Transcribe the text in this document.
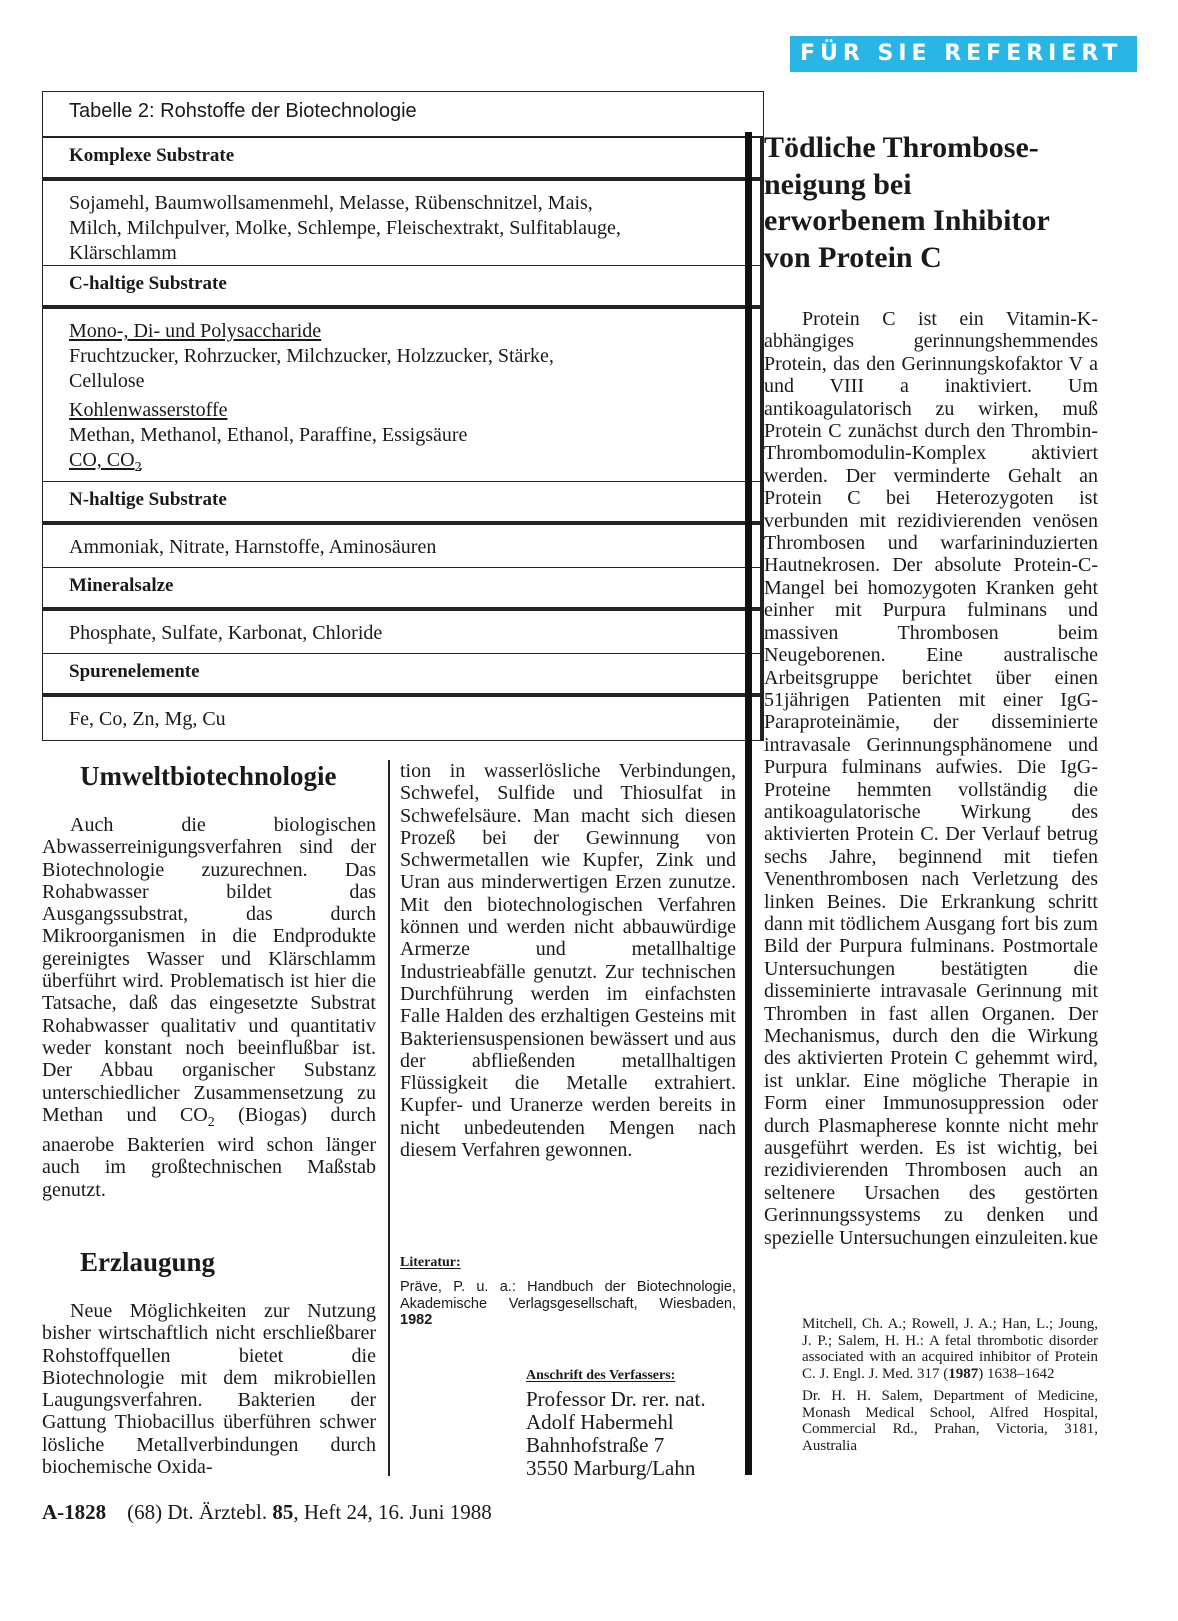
FÜR SIE REFERIERT
Tabelle 2: Rohstoffe der Biotechnologie
Komplexe Substrate
Sojamehl, Baumwollsamenmehl, Melasse, Rübenschnitzel, Mais,
Milch, Milchpulver, Molke, Schlempe, Fleischextrakt, Sulfitablauge,
Klärschlamm
C-haltige Substrate
Mono-, Di- und Polysaccharide
Fruchtzucker, Rohrzucker, Milchzucker, Holzzucker, Stärke,
Cellulose
Kohlenwasserstoffe
Methan, Methanol, Ethanol, Paraffine, Essigsäure
CO, $CO_2$
N-haltige Substrate
Ammoniak, Nitrate, Harnstoffe, Aminosäuren
Mineralsalze
Phosphate, Sulfate, Karbonat, Chloride
Spurenelemente
Fe, Co, Zn, Mg, Cu
Umweltbiotechnologie

Auch die biologischen Abwasserreinigungsverfahren sind der Biotechnologie zuzurechnen. Das Rohabwasser bildet das Ausgangssubstrat, das durch Mikroorganismen in die Endprodukte gereinigtes Wasser und Klärschlamm überführt wird. Problematisch ist hier die Tatsache, daß das eingesetzte Substrat Rohabwasser qualitativ und quantitativ weder konstant noch beeinflußbar ist. Der Abbau organischer Substanz unterschiedlicher Zusammensetzung zu Methan und $CO_2$ (Biogas) durch anaerobe Bakterien wird schon länger auch im großtechnischen Maßstab genutzt.

Erzlaugung

Neue Möglichkeiten zur Nutzung bisher wirtschaftlich nicht erschließbarer Rohstoffquellen bietet die Biotechnologie mit dem mikrobiellen Laugungsverfahren. Bakterien der Gattung Thiobacillus überführen schwer lösliche Metallverbindungen durch biochemische Oxida-

tion in wasserlösliche Verbindungen, Schwefel, Sulfide und Thiosulfat in Schwefelsäure. Man macht sich diesen Prozeß bei der Gewinnung von Schwermetallen wie Kupfer, Zink und Uran aus minderwertigen Erzen zunutze. Mit den biotechnologischen Verfahren können und werden nicht abbauwürdige Armerze und metallhaltige Industrieabfälle genutzt. Zur technischen Durchführung werden im einfachsten Falle Halden des erzhaltigen Gesteins mit Bakteriensuspensionen bewässert und aus der abfließenden metallhaltigen Flüssigkeit die Metalle extrahiert. Kupfer- und Uranerze werden bereits in nicht unbedeutenden Mengen nach diesem Verfahren gewonnen.

Literatur:

Präve, P. u. a.: Handbuch der Biotechnologie, Akademische Verlagsgesellschaft, Wiesbaden, 1982

Anschrift des Verfassers:
Professor Dr. rer. nat.
Adolf Habermehl
Bahnhofstraße 7
3550 Marburg/Lahn
Tödliche Thrombose-
neigung bei
erworbenem Inhibitor
von Protein C

Protein C ist ein Vitamin-K-abhängiges gerinnungshemmendes Protein, das den Gerinnungskofaktor V a und VIII a inaktiviert. Um antikoagulatorisch zu wirken, muß Protein C zunächst durch den Thrombin-Thrombomodulin-Komplex aktiviert werden. Der verminderte Gehalt an Protein C bei Heterozygoten ist verbunden mit rezidivierenden venösen Thrombosen und warfarininduzierten Hautnekrosen. Der absolute Protein-C-Mangel bei homozygoten Kranken geht einher mit Purpura fulminans und massiven Thrombosen beim Neugeborenen. Eine australische Arbeitsgruppe berichtet über einen 51jährigen Patienten mit einer IgG-Paraproteinämie, der disseminierte intravasale Gerinnungsphänomene und Purpura fulminans aufwies. Die IgG-Proteine hemmten vollständig die antikoagulatorische Wirkung des aktivierten Protein C. Der Verlauf betrug sechs Jahre, beginnend mit tiefen Venenthrombosen nach Verletzung des linken Beines. Die Erkrankung schritt dann mit tödlichem Ausgang fort bis zum Bild der Purpura fulminans. Postmortale Untersuchungen bestätigten die disseminierte intravasale Gerinnung mit Thromben in fast allen Organen. Der Mechanismus, durch den die Wirkung des aktivierten Protein C gehemmt wird, ist unklar. Eine mögliche Therapie in Form einer Immunosuppression oder durch Plasmapherese konnte nicht mehr ausgeführt werden. Es ist wichtig, bei rezidivierenden Thrombosen auch an seltenere Ursachen des gestörten Gerinnungssystems zu denken und spezielle Untersuchungen einzuleiten. kue

Mitchell, Ch. A.; Rowell, J. A.; Han, L.; Joung, J. P.; Salem, H. H.: A fetal thrombotic disorder associated with an acquired inhibitor of Protein C. J. Engl. J. Med. 317 (1987) 1638–1642

Dr. H. H. Salem, Department of Medicine, Monash Medical School, Alfred Hospital, Commercial Rd., Prahan, Victoria, 3181, Australia

A-1828 (68) Dt. Ärztebl. 85, Heft 24, 16. Juni 1988
